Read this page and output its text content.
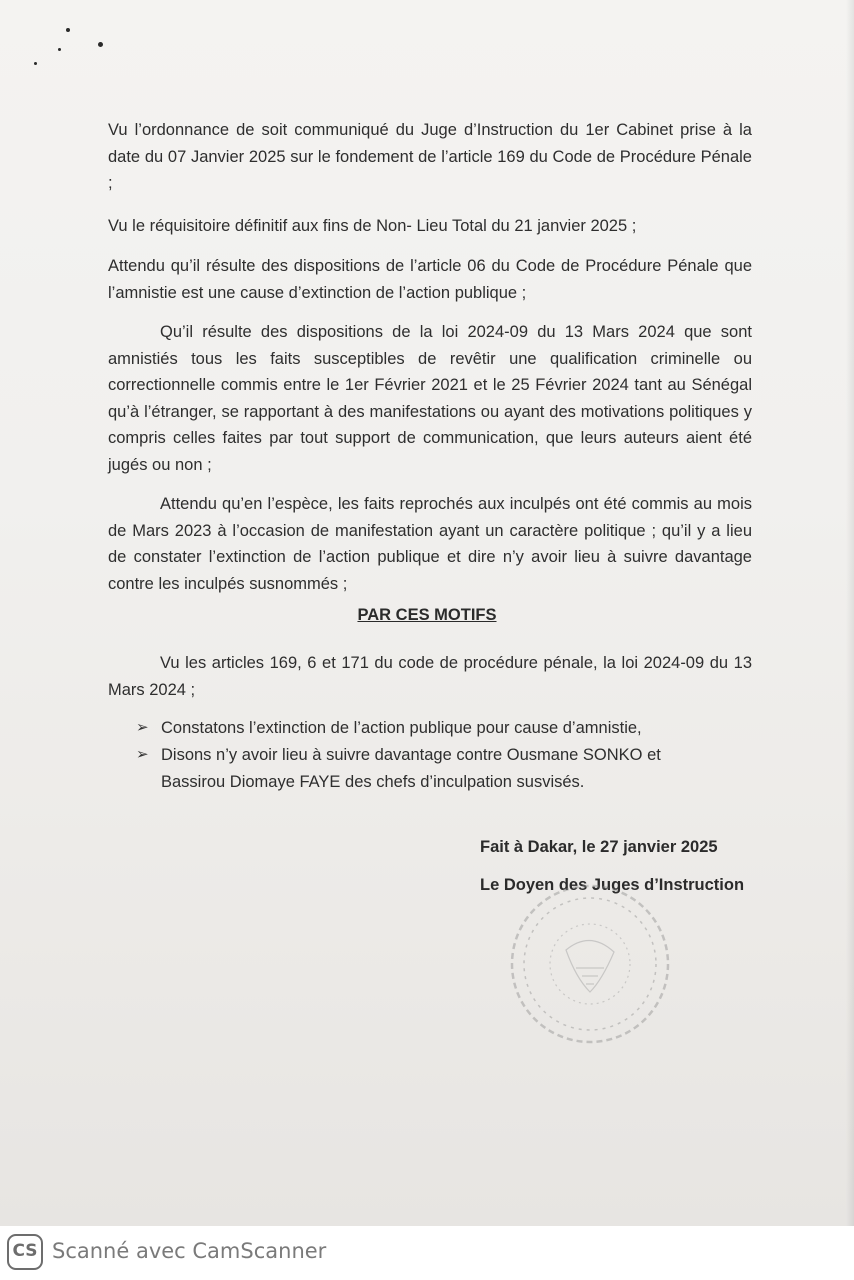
Vu l’ordonnance de soit communiqué du Juge d’Instruction du 1er Cabinet prise à la date du 07 Janvier 2025 sur le fondement de l’article 169 du Code de Procédure Pénale ;

Vu le réquisitoire définitif aux fins de Non- Lieu Total du 21 janvier 2025 ;

Attendu qu’il résulte des dispositions de l’article 06 du Code de Procédure Pénale que l’amnistie est une cause d’extinction de l’action publique ;

Qu’il résulte des dispositions de la loi 2024-09 du 13 Mars 2024 que sont amnistiés tous les faits susceptibles de revêtir une qualification criminelle ou correctionnelle commis entre le 1er Février 2021 et le 25 Février 2024 tant au Sénégal qu’à l’étranger, se rapportant à des manifestations ou ayant des motivations politiques y compris celles faites par tout support de communication, que leurs auteurs aient été jugés ou non ;

Attendu qu’en l’espèce, les faits reprochés aux inculpés ont été commis au mois de Mars 2023 à l’occasion de manifestation ayant un caractère politique ; qu’il y a lieu de constater l’extinction de l’action publique et dire n’y avoir lieu à suivre davantage contre les inculpés susnommés ;

PAR CES MOTIFS

Vu les articles 169, 6 et 171 du code de procédure pénale, la loi 2024-09 du 13 Mars 2024 ;

➢ Constatons l’extinction de l’action publique pour cause d’amnistie,
➢ Disons n’y avoir lieu à suivre davantage contre Ousmane SONKO et Bassirou Diomaye FAYE des chefs d’inculpation susvisés.
Fait à Dakar, le 27 janvier 2025
Le Doyen des Juges d’Instruction
CS Scanné avec CamScanner
